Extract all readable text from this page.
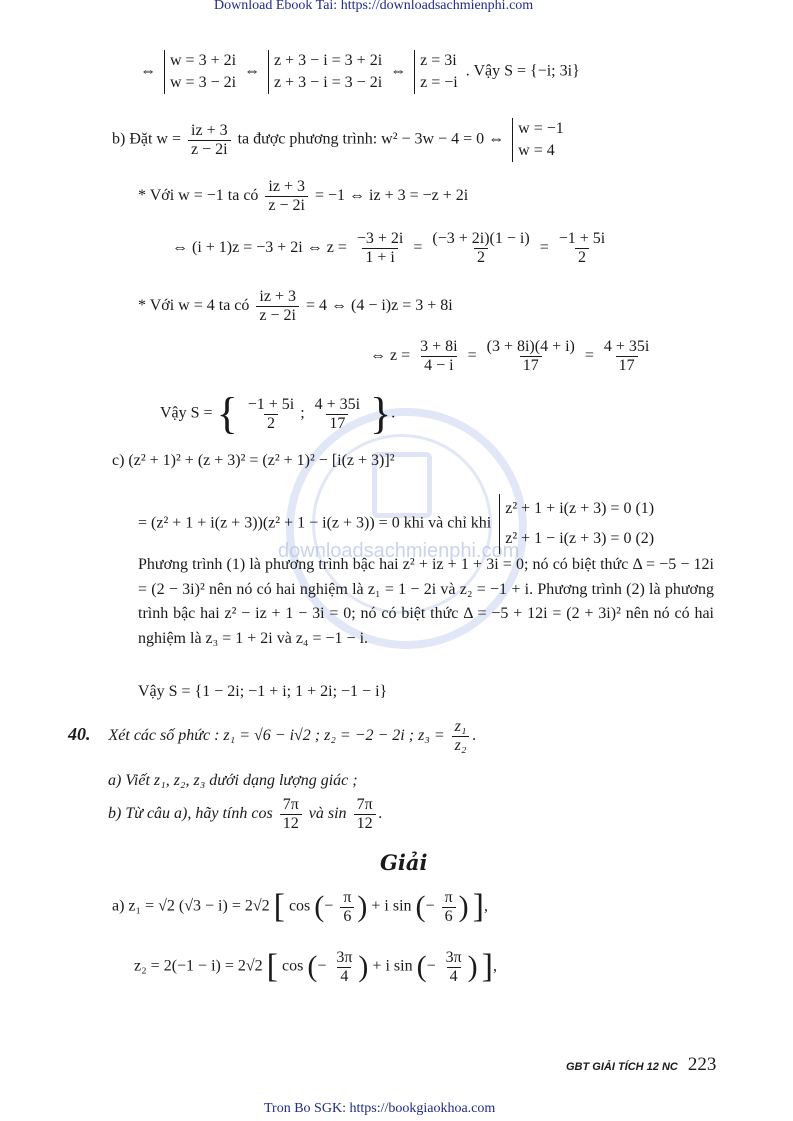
downloadsachmienphi.com
Download Ebook Tai: https://downloadsachmienphi.com
⇔
w = 3 + 2i
w = 3 − 2i
⇔
z + 3 − i = 3 + 2i
z + 3 − i = 3 − 2i
⇔
z = 3i
z = −i
. Vậy S = {−i; 3i}
b) Đặt $w = \frac{iz + 3}{z - 2i}$ ta được phương trình: w² − 3w − 4 = 0 ⇔
w = −1
w = 4
* Với w = −1 ta có $\frac{iz + 3}{z - 2i} = -1$ ⇔ iz + 3 = −z + 2i
⇔ (i + 1)z = −3 + 2i ⇔ $z = \frac{-3 + 2i}{1 + i} = \frac{(-3 + 2i)(1 - i)}{2} = \frac{-1 + 5i}{2}$
* Với w = 4 ta có $\frac{iz + 3}{z - 2i} = 4$ ⇔ (4 − i)z = 3 + 8i
⇔ $z = \frac{3 + 8i}{4 - i} = \frac{(3 + 8i)(4 + i)}{17} = \frac{4 + 35i}{17}$
Vậy S = { $\frac{-1 + 5i}{2}$ ; $\frac{4 + 35i}{17}$ }.
c) (z² + 1)² + (z + 3)² = (z² + 1)² − [i(z + 3)]²
= (z² + 1 + i(z + 3))(z² + 1 − i(z + 3)) = 0 khi và chỉ khi
z² + 1 + i(z + 3) = 0 (1)
z² + 1 − i(z + 3) = 0 (2)

Phương trình (1) là phương trình bậc hai z² + iz + 1 + 3i = 0; nó có biệt thức Δ = −5 − 12i = (2 − 3i)² nên nó có hai nghiệm là z₁ = 1 − 2i và z₂ = −1 + i. Phương trình (2) là phương trình bậc hai z² − iz + 1 − 3i = 0; nó có biệt thức Δ = −5 + 12i = (2 + 3i)² nên nó có hai nghiệm là z₃ = 1 + 2i và z₄ = −1 − i.

Vậy S = {1 − 2i; −1 + i; 1 + 2i; −1 − i}
40. Xét các số phức : z₁ = √6 − i√2 ; z₂ = −2 − 2i ; $z_3 = \frac{\text{z₁}}{\text{z₂}}$ .
a) Viết z₁, z₂, z₃ dưới dạng lượng giác ;
b) Từ câu a), hãy tính $\cos \frac{7\pi}{12}$ và $\sin \frac{7\pi}{12}$ .
Giải
a) z₁ = √2 (√3 − i) = 2√2 [ cos (− $\frac{\pi}{6}$ ) + i sin (− $\frac{\pi}{6}$ ) ],
z₂ = 2(−1 − i) = 2√2 [ cos (− $\frac{3\pi}{4}$ ) + i sin (− $\frac{3\pi}{4}$ ) ],
GBT GIẢI TÍCH 12 NC 223
Tron Bo SGK: https://bookgiaokhoa.com
